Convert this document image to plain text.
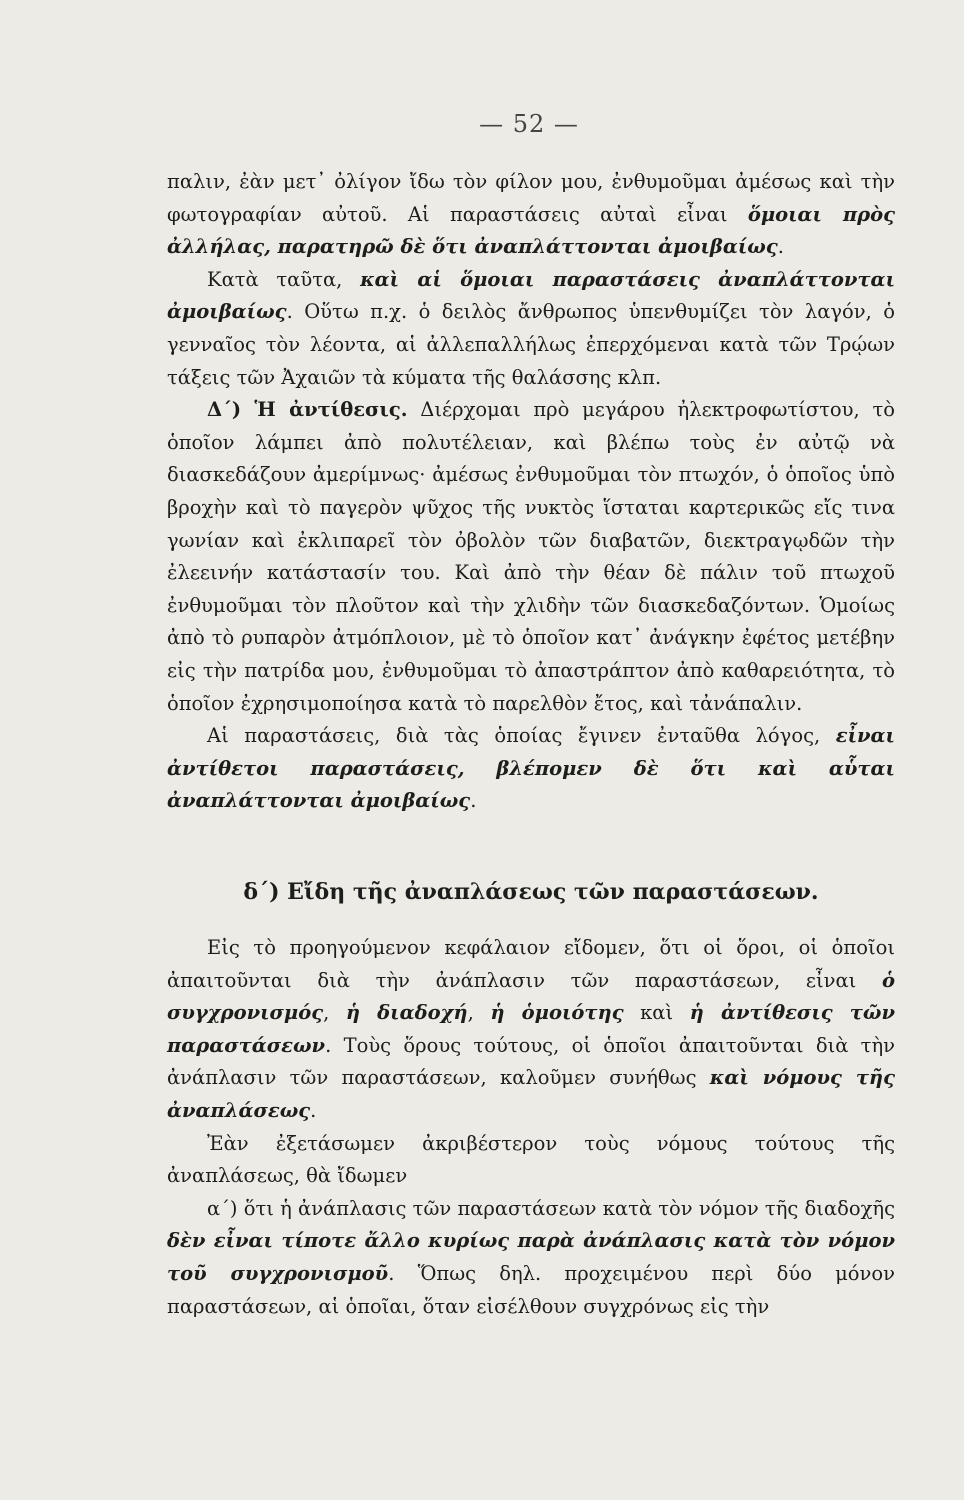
— 52 —

παλιν, ἐὰν μετ᾽ ὀλίγον ἴδω τὸν φίλον μου, ἐνθυμοῦμαι ἀμέσως καὶ τὴν φωτογραφίαν αὐτοῦ. Αἱ παραστάσεις αὐταὶ εἶναι ὅμοιαι πρὸς ἀλλήλας, παρατηρῶ δὲ ὅτι ἀναπλάττονται ἀμοιβαίως.

Κατὰ ταῦτα, καὶ αἱ ὅμοιαι παραστάσεις ἀναπλάττονται ἀμοιβαίως. Οὕτω π.χ. ὁ δειλὸς ἄνθρωπος ὑπενθυμίζει τὸν λαγόν, ὁ γενναῖος τὸν λέοντα, αἱ ἀλλεπαλλήλως ἐπερχόμεναι κατὰ τῶν Τρῴων τάξεις τῶν Ἀχαιῶν τὰ κύματα τῆς θαλάσσης κλπ.

Δ΄) Ἡ ἀντίθεσις. Διέρχομαι πρὸ μεγάρου ἠλεκτροφωτίστου, τὸ ὁποῖον λάμπει ἀπὸ πολυτέλειαν, καὶ βλέπω τοὺς ἐν αὐτῷ νὰ διασκεδάζουν ἀμερίμνως· ἀμέσως ἐνθυμοῦμαι τὸν πτωχόν, ὁ ὁποῖος ὑπὸ βροχὴν καὶ τὸ παγερὸν ψῦχος τῆς νυκτὸς ἵσταται καρτερικῶς εἴς τινα γωνίαν καὶ ἐκλιπαρεῖ τὸν ὀβολὸν τῶν διαβατῶν, διεκτραγῳδῶν τὴν ἐλεεινήν κατάστασίν του. Καὶ ἀπὸ τὴν θέαν δὲ πάλιν τοῦ πτωχοῦ ἐνθυμοῦμαι τὸν πλοῦτον καὶ τὴν χλιδὴν τῶν διασκεδαζόντων. Ὁμοίως ἀπὸ τὸ ρυπαρὸν ἀτμόπλοιον, μὲ τὸ ὁποῖον κατ᾽ ἀνάγκην ἐφέτος μετέβην εἰς τὴν πατρίδα μου, ἐνθυμοῦμαι τὸ ἀπαστράπτον ἀπὸ καθαρειότητα, τὸ ὁποῖον ἐχρησιμοποίησα κατὰ τὸ παρελθὸν ἔτος, καὶ τἀνάπαλιν.

Αἱ παραστάσεις, διὰ τὰς ὁποίας ἔγινεν ἐνταῦθα λόγος, εἶναι ἀντίθετοι παραστάσεις, βλέπομεν δὲ ὅτι καὶ αὗται ἀναπλάττονται ἀμοιβαίως.

δ΄) Εἴδη τῆς ἀναπλάσεως τῶν παραστάσεων.

Εἰς τὸ προηγούμενον κεφάλαιον εἴδομεν, ὅτι οἱ ὅροι, οἱ ὁποῖοι ἀπαιτοῦνται διὰ τὴν ἀνάπλασιν τῶν παραστάσεων, εἶναι ὁ συγχρονισμός, ἡ διαδοχή, ἡ ὁμοιότης καὶ ἡ ἀντίθεσις τῶν παραστάσεων. Τοὺς ὅρους τούτους, οἱ ὁποῖοι ἀπαιτοῦνται διὰ τὴν ἀνάπλασιν τῶν παραστάσεων, καλοῦμεν συνήθως καὶ νόμους τῆς ἀναπλάσεως.

Ἐὰν ἐξετάσωμεν ἀκριβέστερον τοὺς νόμους τούτους τῆς ἀναπλάσεως, θὰ ἴδωμεν

α΄) ὅτι ἡ ἀνάπλασις τῶν παραστάσεων κατὰ τὸν νόμον τῆς διαδοχῆς δὲν εἶναι τίποτε ἄλλο κυρίως παρὰ ἀνάπλασις κατὰ τὸν νόμον τοῦ συγχρονισμοῦ. Ὅπως δηλ. προχειμένου περὶ δύο μόνον παραστάσεων, αἱ ὁποῖαι, ὅταν εἰσέλθουν συγχρόνως εἰς τὴν
